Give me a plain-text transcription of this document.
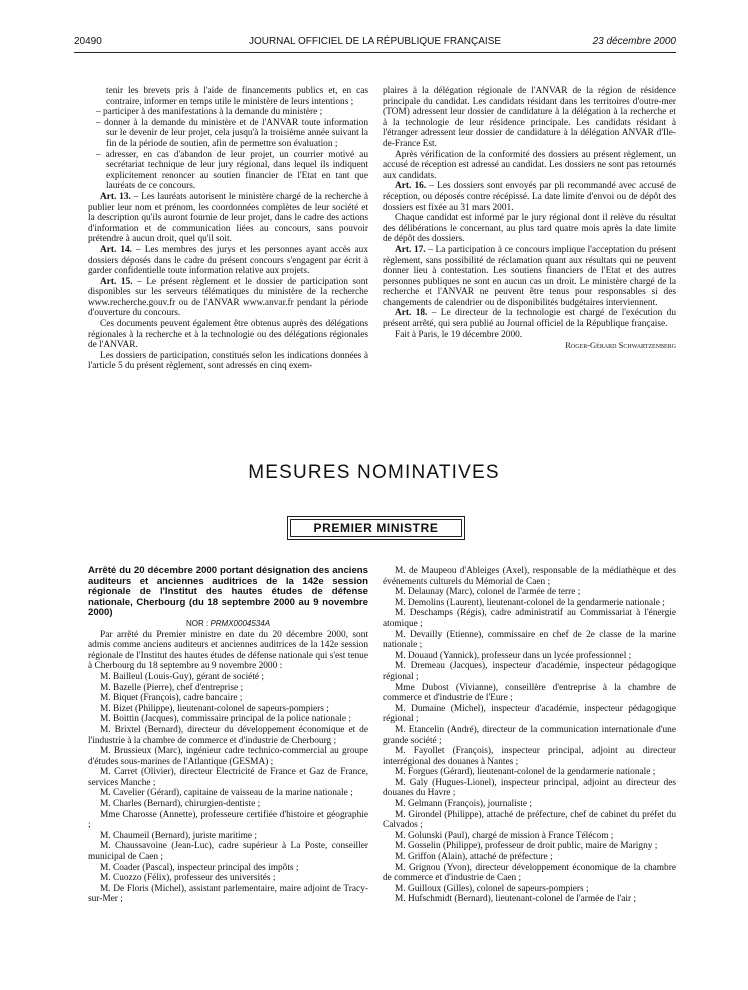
20490	JOURNAL OFFICIEL DE LA RÉPUBLIQUE FRANÇAISE	23 décembre 2000

tenir les brevets pris à l'aide de financements publics et, en cas contraire, informer en temps utile le ministère de leurs intentions ;

– participer à des manifestations à la demande du ministère ;

– donner à la demande du ministère et de l'ANVAR toute information sur le devenir de leur projet, cela jusqu'à la troisième année suivant la fin de la période de soutien, afin de permettre son évaluation ;

– adresser, en cas d'abandon de leur projet, un courrier motivé au secrétariat technique de leur jury régional, dans lequel ils indiquent explicitement renoncer au soutien financier de l'Etat en tant que lauréats de ce concours.

Art. 13. – Les lauréats autorisent le ministère chargé de la recherche à publier leur nom et prénom, les coordonnées complètes de leur société et la description qu'ils auront fournie de leur projet, dans le cadre des actions d'information et de communication liées au concours, sans pouvoir prétendre à aucun droit, quel qu'il soit.

Art. 14. – Les membres des jurys et les personnes ayant accès aux dossiers déposés dans le cadre du présent concours s'engagent par écrit à garder confidentielle toute information relative aux projets.

Art. 15. – Le présent règlement et le dossier de participation sont disponibles sur les serveurs télématiques du ministère de la recherche www.recherche.gouv.fr ou de l'ANVAR www.anvar.fr pendant la période d'ouverture du concours.

Ces documents peuvent également être obtenus auprès des délégations régionales à la recherche et à la technologie ou des délégations régionales de l'ANVAR.

Les dossiers de participation, constitués selon les indications données à l'article 5 du présent règlement, sont adressés en cinq exem-

plaires à la délégation régionale de l'ANVAR de la région de résidence principale du candidat. Les candidats résidant dans les territoires d'outre-mer (TOM) adressent leur dossier de candidature à la délégation à la recherche et à la technologie de leur résidence principale. Les candidats résidant à l'étranger adressent leur dossier de candidature à la délégation ANVAR d'Ile-de-France Est.

Après vérification de la conformité des dossiers au présent règlement, un accusé de réception est adressé au candidat. Les dossiers ne sont pas retournés aux candidats.

Art. 16. – Les dossiers sont envoyés par pli recommandé avec accusé de réception, ou déposés contre récépissé. La date limite d'envoi ou de dépôt des dossiers est fixée au 31 mars 2001.

Chaque candidat est informé par le jury régional dont il relève du résultat des délibérations le concernant, au plus tard quatre mois après la date limite de dépôt des dossiers.

Art. 17. – La participation à ce concours implique l'acceptation du présent règlement, sans possibilité de réclamation quant aux résultats qui ne peuvent donner lieu à contestation. Les soutiens financiers de l'Etat et des autres personnes publiques ne sont en aucun cas un droit. Le ministère chargé de la recherche et l'ANVAR ne peuvent être tenus pour responsables si des changements de calendrier ou de disponibilités budgétaires interviennent.

Art. 18. – Le directeur de la technologie est chargé de l'exécution du présent arrêté, qui sera publié au Journal officiel de la République française.

Fait à Paris, le 19 décembre 2000.

Roger-Gérard Schwartzenberg

MESURES NOMINATIVES
PREMIER MINISTRE

Arrêté du 20 décembre 2000 portant désignation des anciens auditeurs et anciennes auditrices de la 142e session régionale de l'Institut des hautes études de défense nationale, Cherbourg (du 18 septembre 2000 au 9 novembre 2000)

NOR : PRMX0004534A

Par arrêté du Premier ministre en date du 20 décembre 2000, sont admis comme anciens auditeurs et anciennes auditrices de la 142e session régionale de l'Institut des hautes études de défense nationale qui s'est tenue à Cherbourg du 18 septembre au 9 novembre 2000 :

M. Bailleul (Louis-Guy), gérant de société ;

M. Bazelle (Pierre), chef d'entreprise ;

M. Biquet (François), cadre bancaire ;

M. Bizet (Philippe), lieutenant-colonel de sapeurs-pompiers ;

M. Boittin (Jacques), commissaire principal de la police nationale ;

M. Brixtel (Bernard), directeur du développement économique et de l'industrie à la chambre de commerce et d'industrie de Cherbourg ;

M. Brussieux (Marc), ingénieur cadre technico-commercial au groupe d'études sous-marines de l'Atlantique (GESMA) ;

M. Carret (Olivier), directeur Electricité de France et Gaz de France, services Manche ;

M. Cavelier (Gérard), capitaine de vaisseau de la marine nationale ;

M. Charles (Bernard), chirurgien-dentiste ;

Mme Charosse (Annette), professeure certifiée d'histoire et géographie ;

M. Chaumeil (Bernard), juriste maritime ;

M. Chaussavoine (Jean-Luc), cadre supérieur à La Poste, conseiller municipal de Caen ;

M. Coader (Pascal), inspecteur principal des impôts ;

M. Cuozzo (Félix), professeur des universités ;

M. De Floris (Michel), assistant parlementaire, maire adjoint de Tracy-sur-Mer ;

M. de Maupeou d'Ableiges (Axel), responsable de la médiathèque et des événements culturels du Mémorial de Caen ;

M. Delaunay (Marc), colonel de l'armée de terre ;

M. Demolins (Laurent), lieutenant-colonel de la gendarmerie nationale ;

M. Deschamps (Régis), cadre administratif au Commissariat à l'énergie atomique ;

M. Devailly (Etienne), commissaire en chef de 2e classe de la marine nationale ;

M. Douaud (Yannick), professeur dans un lycée professionnel ;

M. Dremeau (Jacques), inspecteur d'académie, inspecteur pédagogique régional ;

Mme Dubost (Vivianne), conseillère d'entreprise à la chambre de commerce et d'industrie de l'Eure ;

M. Dumaine (Michel), inspecteur d'académie, inspecteur pédagogique régional ;

M. Etancelin (André), directeur de la communication internationale d'une grande société ;

M. Fayollet (François), inspecteur principal, adjoint au directeur interrégional des douanes à Nantes ;

M. Forgues (Gérard), lieutenant-colonel de la gendarmerie nationale ;

M. Galy (Hugues-Lionel), inspecteur principal, adjoint au directeur des douanes du Havre ;

M. Gelmann (François), journaliste ;

M. Girondel (Philippe), attaché de préfecture, chef de cabinet du préfet du Calvados ;

M. Golunski (Paul), chargé de mission à France Télécom ;

M. Gosselin (Philippe), professeur de droit public, maire de Marigny ;

M. Griffon (Alain), attaché de préfecture ;

M. Grignou (Yvon), directeur développement économique de la chambre de commerce et d'industrie de Caen ;

M. Guilloux (Gilles), colonel de sapeurs-pompiers ;

M. Hufschmidt (Bernard), lieutenant-colonel de l'armée de l'air ;
